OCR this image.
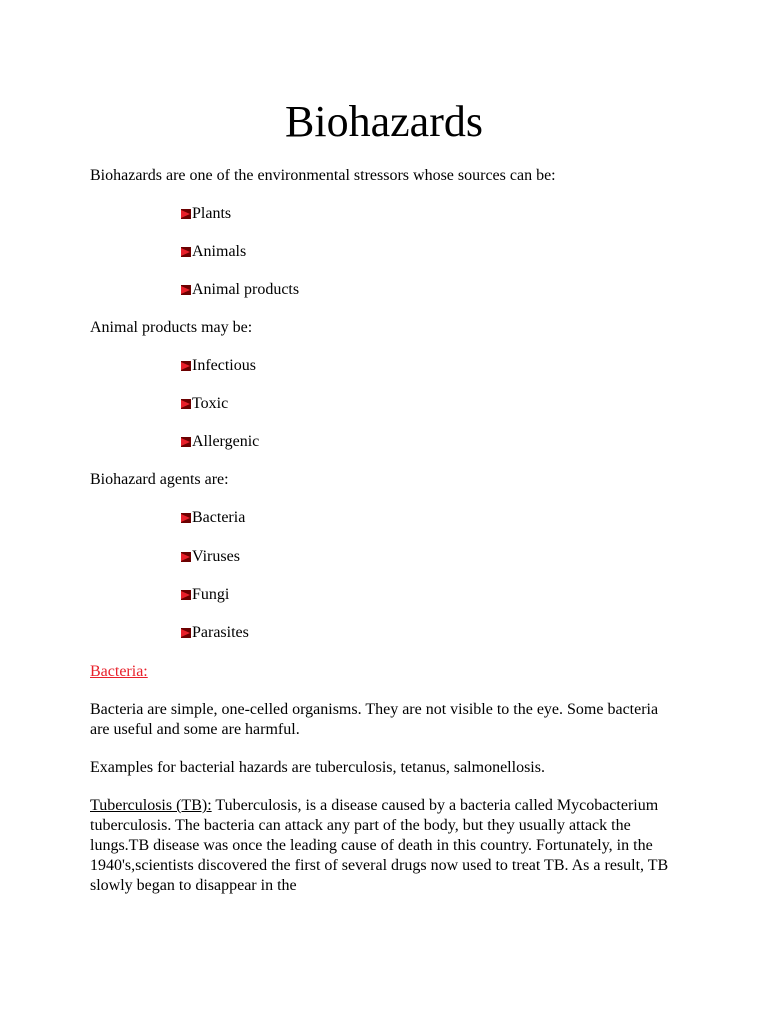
Biohazards

Biohazards are one of the environmental stressors whose sources can be:

Plants
Animals
Animal products

Animal products may be:

Infectious
Toxic
Allergenic

Biohazard agents are:

Bacteria
Viruses
Fungi
Parasites

Bacteria:

Bacteria are simple, one-celled organisms. They are not visible to the eye. Some bacteria are useful and some are harmful.

Examples for bacterial hazards are tuberculosis, tetanus, salmonellosis.

Tuberculosis (TB): Tuberculosis, is a disease caused by a bacteria called Mycobacterium tuberculosis. The bacteria can attack any part of the body, but they usually attack the lungs.TB disease was once the leading cause of death in this country. Fortunately, in the 1940's,scientists discovered the first of several drugs now used to treat TB. As a result, TB slowly began to disappear in the
